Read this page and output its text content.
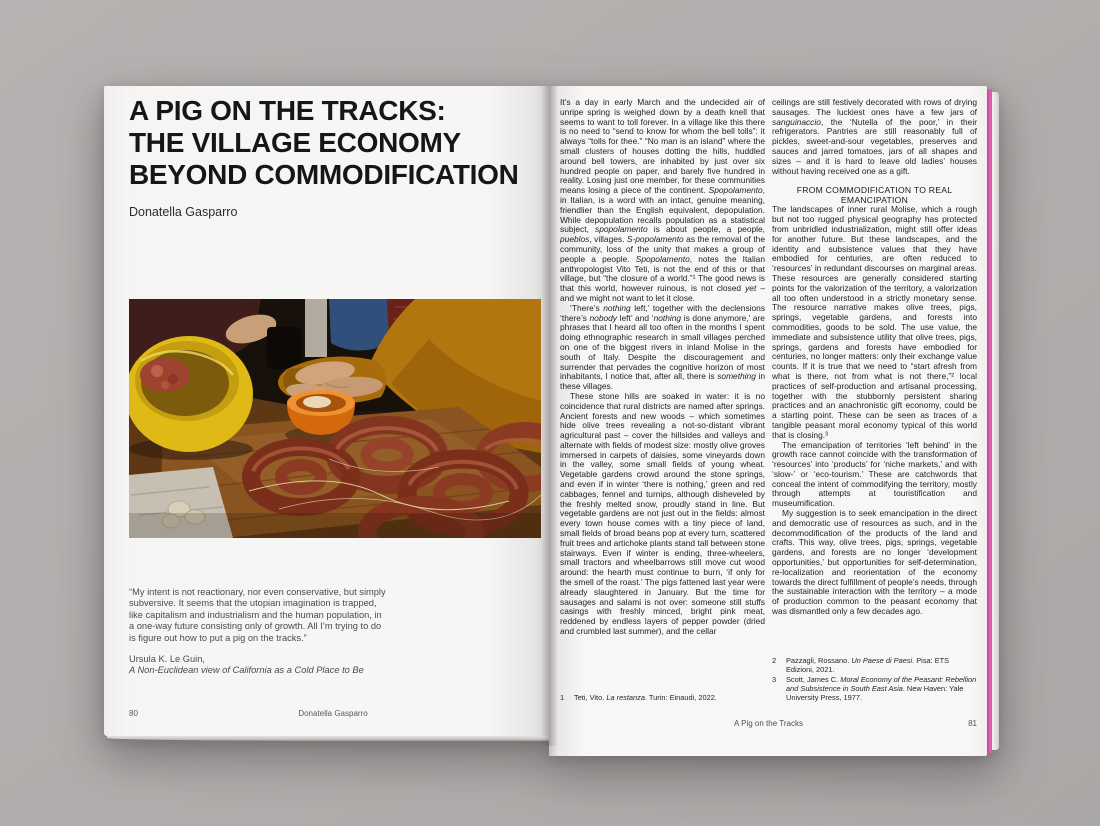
A PIG ON THE TRACKS:
THE VILLAGE ECONOMY
BEYOND COMMODIFICATION

Donatella Gasparro

“My intent is not reactionary, nor even conservative, but simply subversive. It seems that the utopian imagination is trapped, like capitalism and industrialism and the human population, in a one-way future consisting only of growth. All I’m trying to do is figure out how to put a pig on the tracks.”

Ursula K. Le Guin,
A Non-Euclidean view of California as a Cold Place to Be

80	Donatella Gasparro

It’s a day in early March and the undecided air of unripe spring is weighed down by a death knell that seems to want to toll forever. In a village like this there is no need to “send to know for whom the bell tolls”: it always “tolls for thee.” “No man is an island” where the small clusters of houses dotting the hills, huddled around bell towers, are inhabited by just over six hundred people on paper, and barely five hundred in reality. Losing just one member, for these communities means losing a piece of the continent. Spopolamento, in Italian, is a word with an intact, genuine meaning, friendlier than the English equivalent, depopulation. While depopulation recalls population as a statistical subject, spopolamento is about people, a people, pueblos, villages. S-popolamento as the removal of the community, loss of the unity that makes a group of people a people. Spopolamento, notes the Italian anthropologist Vito Teti, is not the end of this or that village, but “the closure of a world.”¹ The good news is that this world, however ruinous, is not closed yet – and we might not want to let it close.

‘There’s nothing left,’ together with the declensions ‘there’s nobody left’ and ‘nothing is done anymore,’ are phrases that I heard all too often in the months I spent doing ethnographic research in small villages perched on one of the biggest rivers in inland Molise in the south of Italy. Despite the discouragement and surrender that pervades the cognitive horizon of most inhabitants, I notice that, after all, there is something in these villages.

These stone hills are soaked in water: it is no coincidence that rural districts are named after springs. Ancient forests and new woods – which sometimes hide olive trees revealing a not-so-distant vibrant agricultural past – cover the hillsides and valleys and alternate with fields of modest size: mostly olive groves immersed in carpets of daisies, some vineyards down in the valley, some small fields of young wheat. Vegetable gardens crowd around the stone springs, and even if in winter ‘there is nothing,’ green and red cabbages, fennel and turnips, although disheveled by the freshly melted snow, proudly stand in line. But vegetable gardens are not just out in the fields: almost every town house comes with a tiny piece of land, small fields of broad beans pop at every turn, scattered fruit trees and artichoke plants stand tall between stone stairways. Even if winter is ending, three-wheelers, small tractors and wheelbarrows still move cut wood around: the hearth must continue to burn, ‘if only for the smell of the roast.’ The pigs fattened last year were already slaughtered in January. But the time for sausages and salami is not over: someone still stuffs casings with freshly minced, bright pink meat, reddened by endless layers of pepper powder (dried and crumbled last summer), and the cellar

1	Teti, Vito. La restanza. Turin: Einaudi, 2022.

ceilings are still festively decorated with rows of drying sausages. The luckiest ones have a few jars of sanguinaccio, the ‘Nutella of the poor,’ in their refrigerators. Pantries are still reasonably full of pickles, sweet-and-sour vegetables, preserves and sauces and jarred tomatoes, jars of all shapes and sizes – and it is hard to leave old ladies’ houses without having received one as a gift.

FROM COMMODIFICATION TO REAL EMANCIPATION

The landscapes of inner rural Molise, which a rough but not too rugged physical geography has protected from unbridled industrialization, might still offer ideas for another future. But these landscapes, and the identity and subsistence values that they have embodied for centuries, are often reduced to ‘resources’ in redundant discourses on marginal areas. These resources are generally considered starting points for the valorization of the territory, a valorization all too often understood in a strictly monetary sense. The resource narrative makes olive trees, pigs, springs, vegetable gardens, and forests into commodities, goods to be sold. The use value, the immediate and subsistence utility that olive trees, pigs, springs, gardens and forests have embodied for centuries, no longer matters: only their exchange value counts. If it is true that we need to “start afresh from what is there, not from what is not there,”² local practices of self-production and artisanal processing, together with the stubbornly persistent sharing practices and an anachronistic gift economy, could be a starting point. These can be seen as traces of a tangible peasant moral economy typical of this world that is closing.³

The emancipation of territories ‘left behind’ in the growth race cannot coincide with the transformation of ‘resources’ into ‘products’ for ‘niche markets,’ and with ‘slow-’ or ‘eco-tourism.’ These are catchwords that conceal the intent of commodifying the territory, mostly through attempts at touristification and museumification.

My suggestion is to seek emancipation in the direct and democratic use of resources as such, and in the decommodification of the products of the land and crafts. This way, olive trees, pigs, springs, vegetable gardens, and forests are no longer ‘development opportunities,’ but opportunities for self-determination, re-localization and reorientation of the economy towards the direct fulfillment of people’s needs, through the sustainable interaction with the territory – a mode of production common to the peasant economy that was dismantled only a few decades ago.

2	Pazzagli, Rossano. Un Paese di Paesi. Pisa: ETS Edizioni, 2021.
3	Scott, James C. Moral Economy of the Peasant: Rebellion and Subsistence in South East Asia. New Haven: Yale University Press, 1977.
A Pig on the Tracks	81
